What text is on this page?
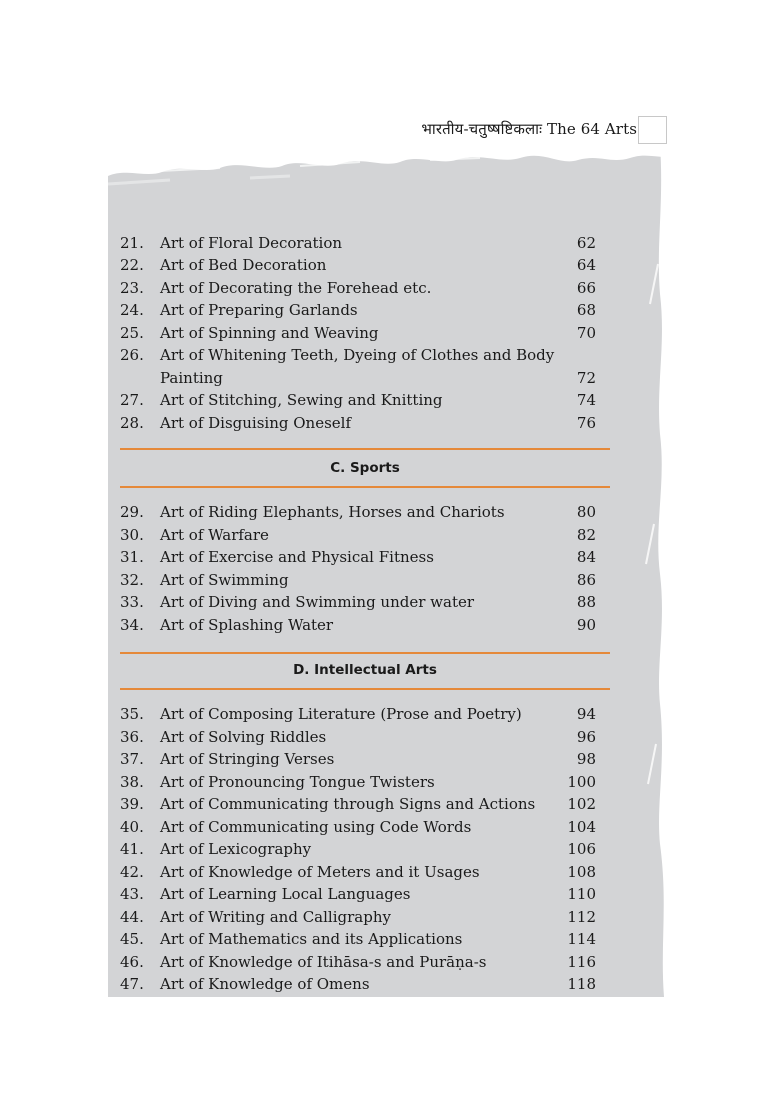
भारतीय-चतुष्षष्टिकलाः The 64 Arts
21.	Art of Floral Decoration	62
22.	Art of Bed Decoration	64
23.	Art of Decorating the Forehead etc.	66
24.	Art of Preparing Garlands	68
25.	Art of Spinning and Weaving	70
26.	Art of Whitening Teeth, Dyeing of Clothes and Body
Painting	72
27.	Art of Stitching, Sewing and Knitting	74
28.	Art of Disguising Oneself	76
C. Sports
29.	Art of Riding Elephants, Horses and Chariots	80
30.	Art of Warfare	82
31.	Art of Exercise and Physical Fitness	84
32.	Art of Swimming	86
33.	Art of Diving and Swimming under water	88
34.	Art of Splashing Water	90
D. Intellectual Arts
35.	Art of Composing Literature (Prose and Poetry)	94
36.	Art of Solving Riddles	96
37.	Art of Stringing Verses	98
38.	Art of Pronouncing Tongue Twisters	100
39.	Art of Communicating through Signs and Actions	102
40.	Art of Communicating using Code Words	104
41.	Art of Lexicography	106
42.	Art of Knowledge of Meters and it Usages	108
43.	Art of Learning Local Languages	110
44.	Art of Writing and Calligraphy	112
45.	Art of Mathematics and its Applications	114
46.	Art of Knowledge of Itihāsa-s and Purāṇa-s	116
47.	Art of Knowledge of Omens	118
